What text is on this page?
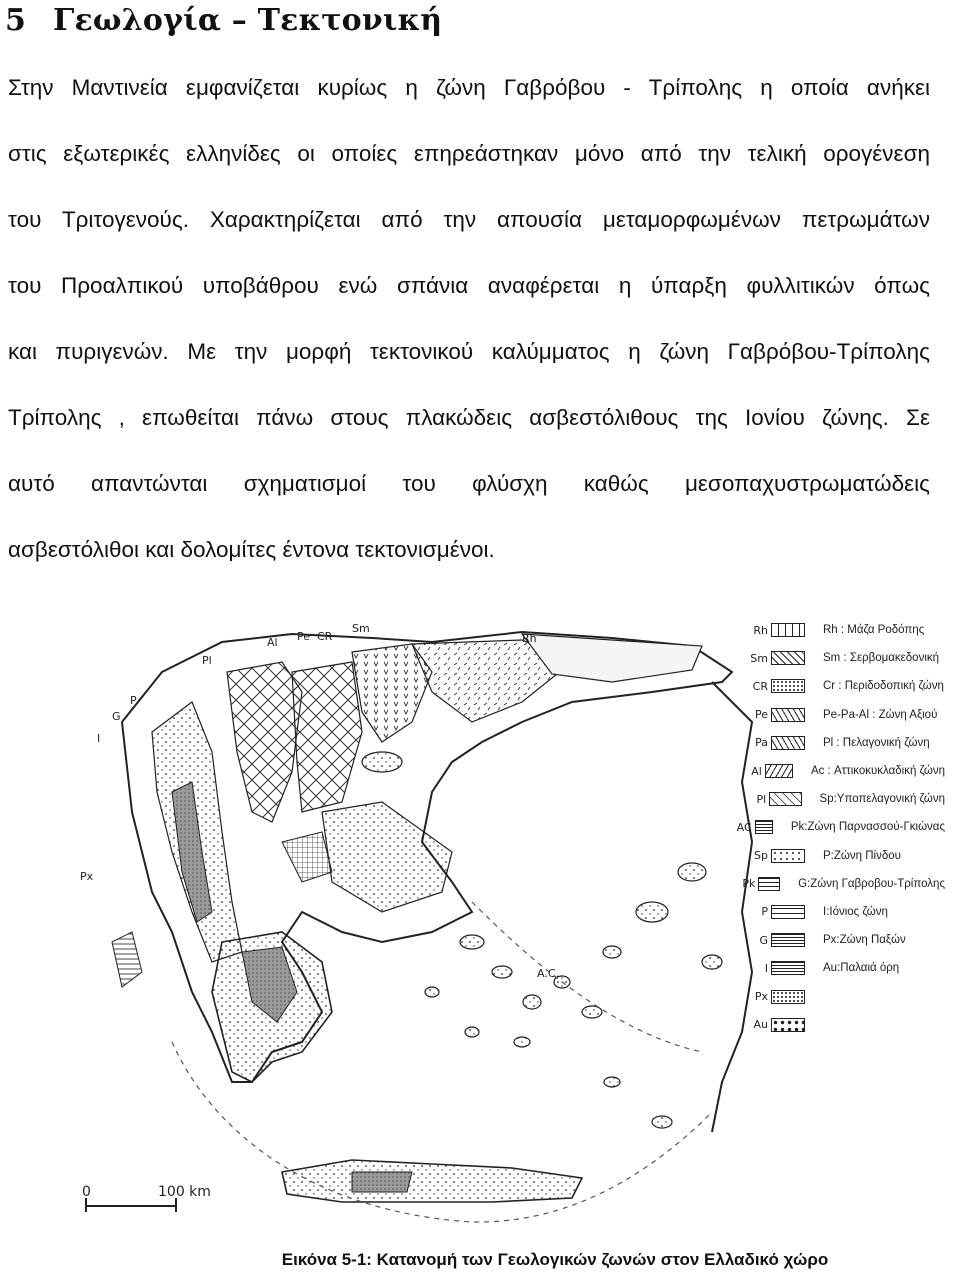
5 Γεωλογία – Τεκτονική
Στην Μαντινεία εμφανίζεται κυρίως η ζώνη Γαβρόβου - Τρίπολης η οποία ανήκει
στις εξωτερικές ελληνίδες οι οποίες επηρεάστηκαν μόνο από την τελική ορογένεση
του Τριτογενούς. Χαρακτηρίζεται από την απουσία μεταμορφωμένων πετρωμάτων
του Προαλπικού υποβάθρου ενώ σπάνια αναφέρεται η ύπαρξη φυλλιτικών όπως
και πυριγενών. Με την μορφή τεκτονικού καλύμματος η ζώνη Γαβρόβου-Τρίπολης
Τρίπολης , επωθείται πάνω στους πλακώδεις ασβεστόλιθους της Ιονίου ζώνης. Σε
αυτό απαντώνται σχηματισμοί του φλύσχη καθώς μεσοπαχυστρωματώδεις
ασβεστόλιθοι και δολομίτες έντονα τεκτονισμένοι.
Rh
Sm
CR
Pe
Al
Pl
I
G
P
Px
A.C.
0	100 km
Rh	Rh : Μάζα Ροδόπης
Sm	Sm : Σερβομακεδονική
CR	Cr : Περιδοδοπική ζώνη
Pe	Pe-Pa-Al : Ζώνη Αξιού
Pa	Pl : Πελαγονική ζώνη
Al	Ac : Αττικοκυκλαδική ζώνη
Pl	Sp:Υποπελαγονική ζώνη
AC	Pk:Ζώνη Παρνασσού-Γκιώνας
Sp	P:Ζώνη Πίνδου
Pk	G:Ζώνη Γαβροβου-Τρίπολης
P	I:Ιόνιος ζώνη
G	Px:Ζώνη Παξών
I	Au:Παλαιά όρη
Px
Au
Εικόνα 5-1: Κατανομή των Γεωλογικών ζωνών στον Ελλαδικό χώρο
